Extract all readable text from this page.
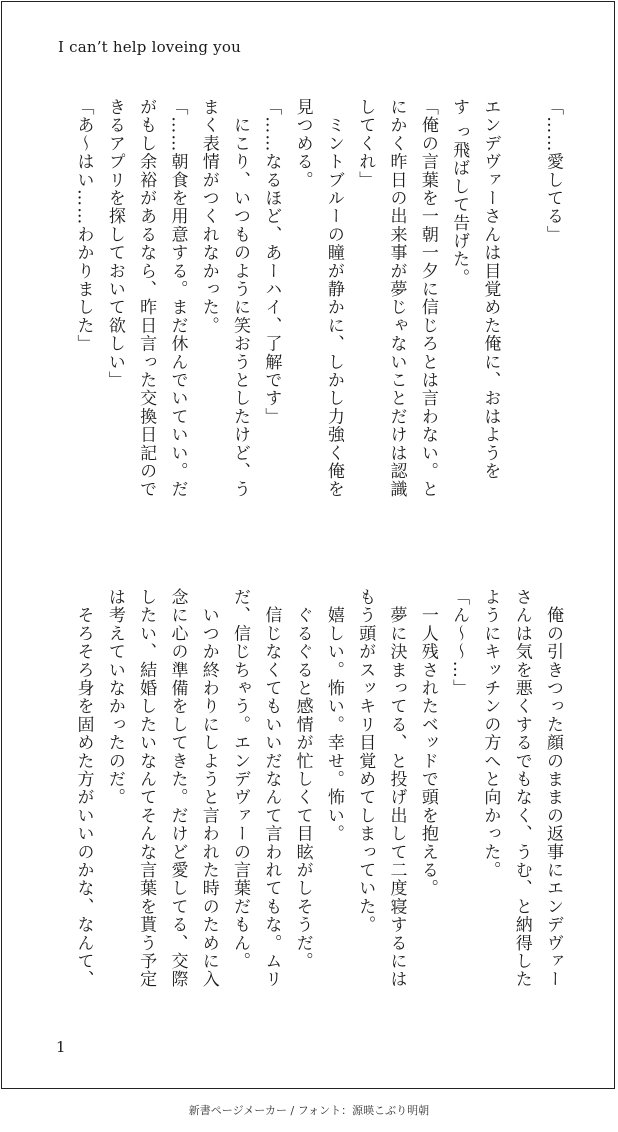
I can’t help loveing you
「……愛してる」

エンデヴァーさんは目覚めた俺に、おはようを
す っ飛ばして告げた。
「俺の言葉を一朝一夕に信じろとは言わない。と
にかく昨日の出来事が夢じゃないことだけは認識
してくれ」
　ミントブルーの瞳が静かに、しかし力強く俺を
見つめる。
「……なるほど、あーハイ、了解です」
　にこり、いつものように笑おうとしたけど、う
まく表情がつくれなかった。
「……朝食を用意する。まだ休んでいていい。だ
がもし余裕があるなら、昨日言った交換日記ので
きるアプリを探しておいて欲しい」
「あ〜はい……わかりました」
　俺の引きつった顔のままの返事にエンデヴァー
さんは気を悪くするでもなく、うむ、と納得した
ようにキッチンの方へと向かった。
「ん〜〜…」
　一人残されたベッドで頭を抱える。
　夢に決まってる、と投げ出して二度寝するには
もう頭がスッキリ目覚めてしまっていた。
　嬉しい。怖い。幸せ。怖い。
　ぐるぐると感情が忙しくて目眩がしそうだ。
　信じなくてもいいだなんて言われてもな。ムリ
だ、信じちゃう。エンデヴァーの言葉だもん。
　いつか終わりにしようと言われた時のために入
念に心の準備をしてきた。だけど愛してる、交際
したい、結婚したいなんてそんな言葉を貰う予定
は考えていなかったのだ。
　そろそろ身を固めた方がいいのかな、なんて、
1
新書ページメーカー / フォント：源暎こぶり明朝
